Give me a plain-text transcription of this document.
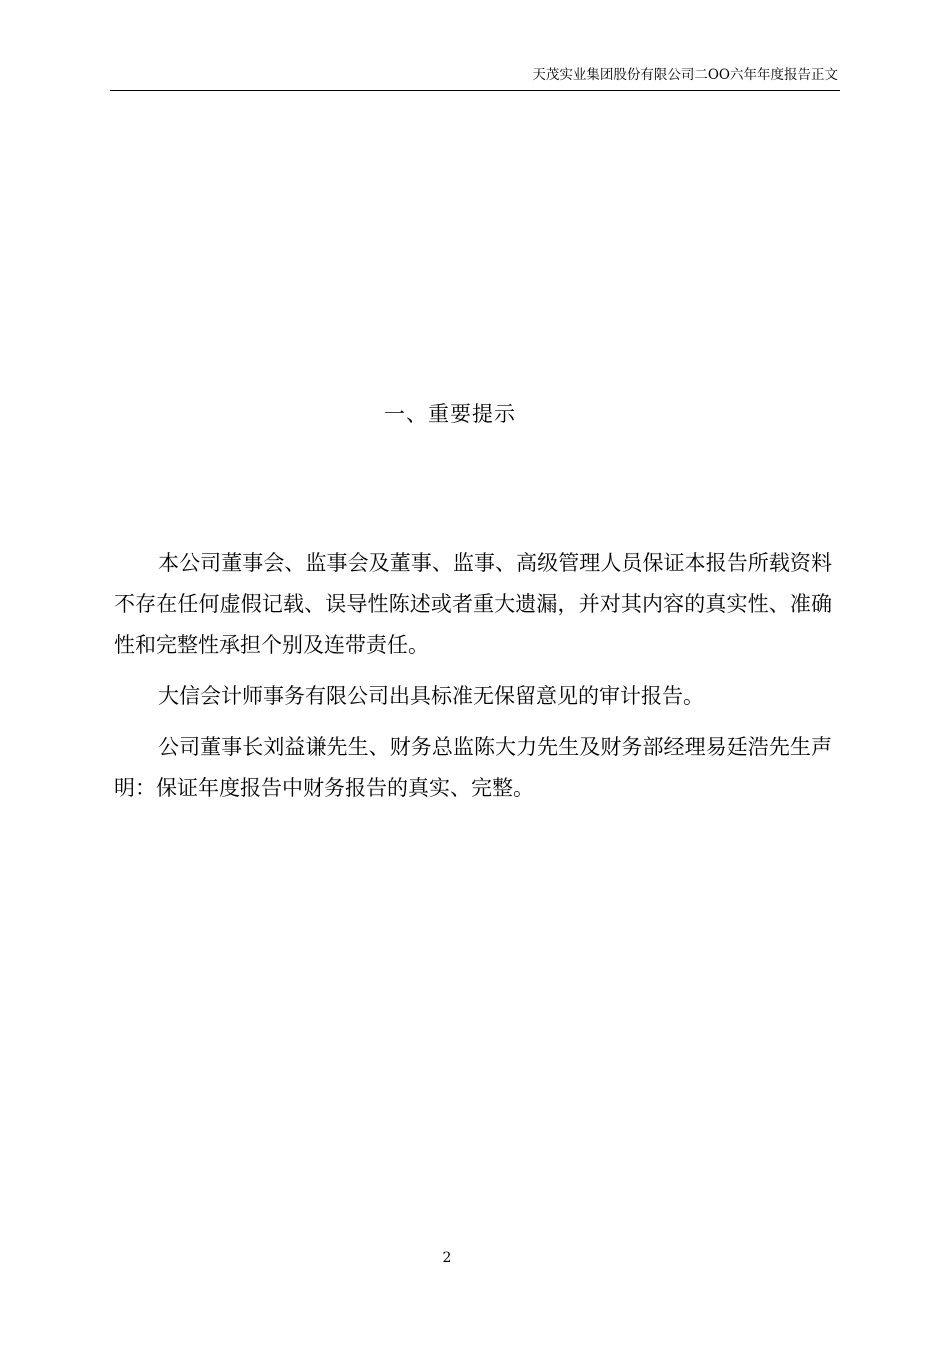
天茂实业集团股份有限公司二OO六年年度报告正文
一、重要提示

本公司董事会、监事会及董事、监事、高级管理人员保证本报告所载资料不存在任何虚假记载、误导性陈述或者重大遗漏，并对其内容的真实性、准确性和完整性承担个别及连带责任。

大信会计师事务有限公司出具标准无保留意见的审计报告。

公司董事长刘益谦先生、财务总监陈大力先生及财务部经理易廷浩先生声明：保证年度报告中财务报告的真实、完整。

2
